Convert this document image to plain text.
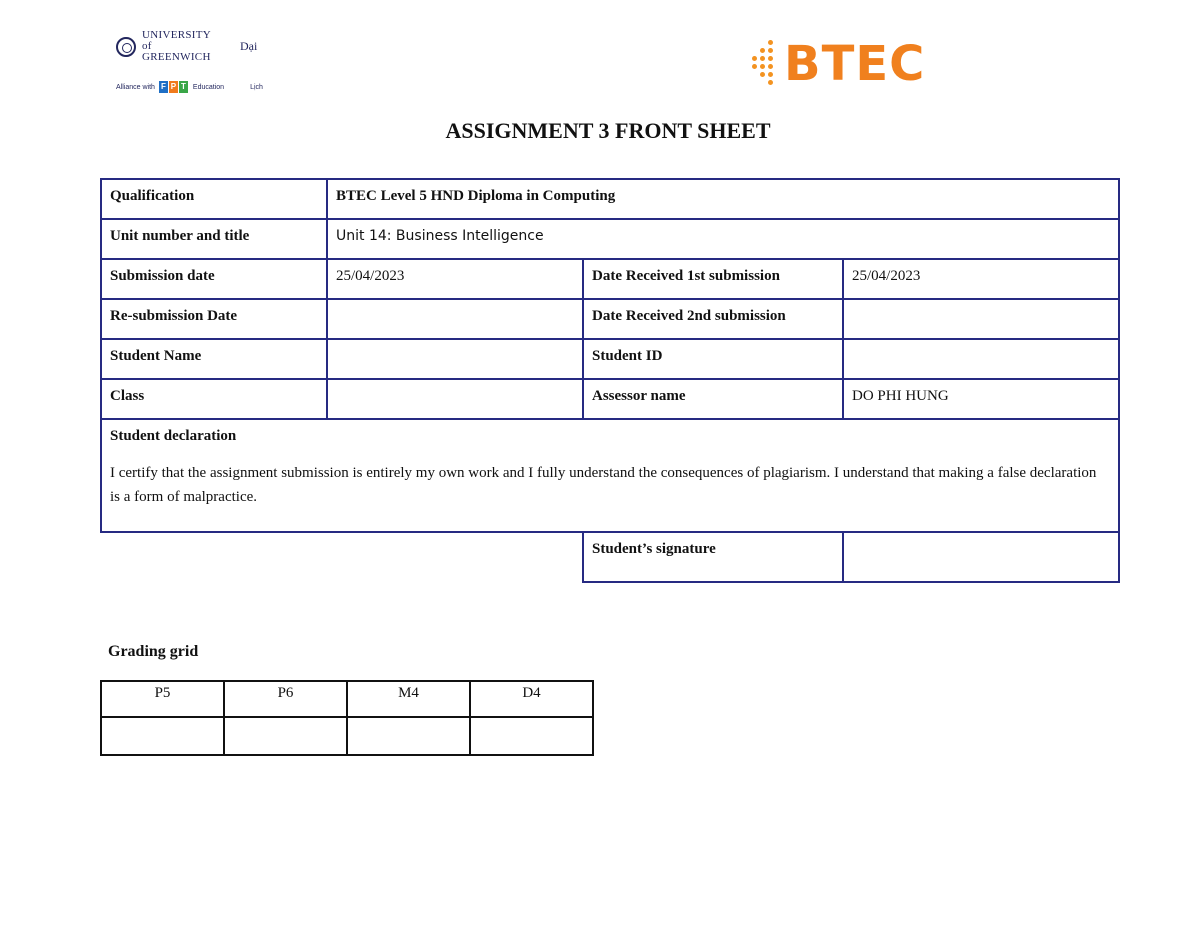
UNIVERSITY of GREENWICH
Dại
Alliance with F P T Education	Lịch	BTEC
ASSIGNMENT 3 FRONT SHEET
Qualification	BTEC Level 5 HND Diploma in Computing		
Unit number and title	Unit 14: Business Intelligence		
Submission date	25/04/2023	Date Received 1st submission	25/04/2023
Re-submission Date		Date Received 2nd submission	
Student Name		Student ID	
Class		Assessor name	DO PHI HUNG

Student declaration
I certify that the assignment submission is entirely my own work and I fully understand the consequences of plagiarism. I understand that making a false declaration is a form of malpractice.			

		Student’s signature	
Grading grid
P5	P6	M4	D4
